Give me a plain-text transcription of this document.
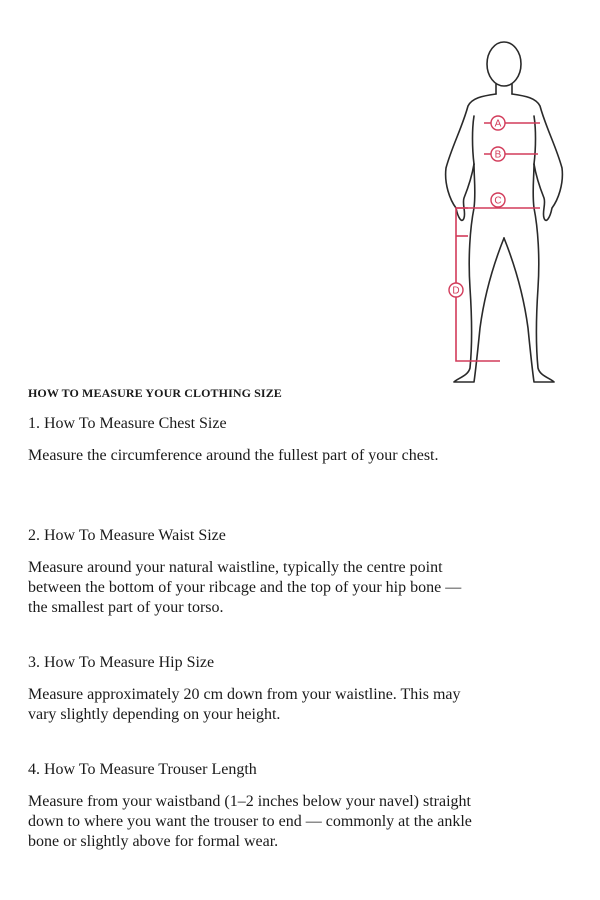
A
B
C
D
HOW TO MEASURE YOUR CLOTHING SIZE
1. How To Measure Chest Size

Measure the circumference around the fullest part of your chest.

2. How To Measure Waist Size

Measure around your natural waistline, typically the centre point between the bottom of your ribcage and the top of your hip bone — the smallest part of your torso.

3. How To Measure Hip Size

Measure approximately 20 cm down from your waistline. This may vary slightly depending on your height.

4. How To Measure Trouser Length

Measure from your waistband (1–2 inches below your navel) straight down to where you want the trouser to end — commonly at the ankle bone or slightly above for formal wear.
